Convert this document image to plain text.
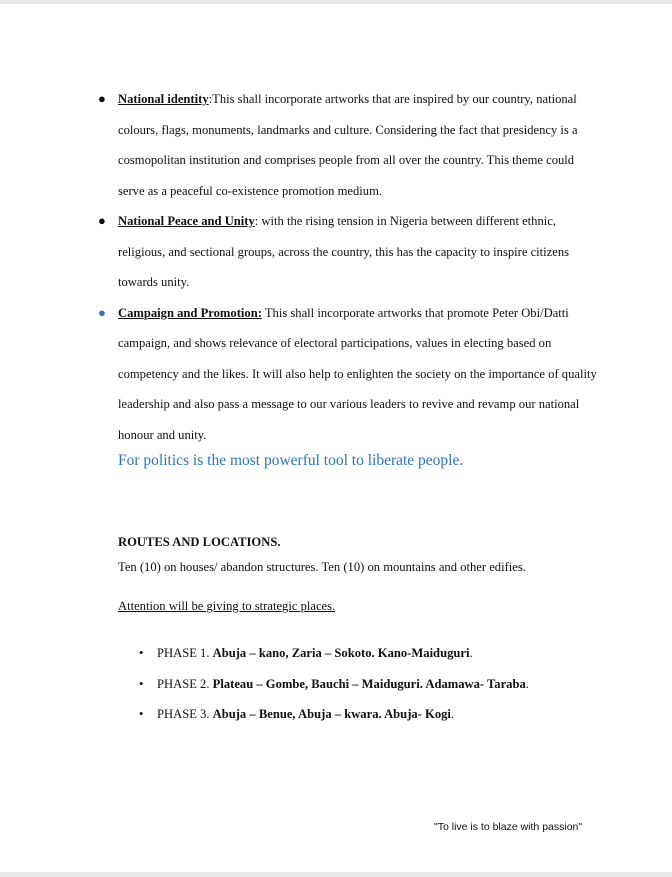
● National identity:This shall incorporate artworks that are inspired by our country, national colours, flags, monuments, landmarks and culture. Considering the fact that presidency is a cosmopolitan institution and comprises people from all over the country. This theme could serve as a peaceful co-existence promotion medium.
● National Peace and Unity: with the rising tension in Nigeria between different ethnic, religious, and sectional groups, across the country, this has the capacity to inspire citizens towards unity.
● Campaign and Promotion: This shall incorporate artworks that promote Peter Obi/Datti campaign, and shows relevance of electoral participations, values in electing based on competency and the likes. It will also help to enlighten the society on the importance of quality leadership and also pass a message to our various leaders to revive and revamp our national honour and unity.
For politics is the most powerful tool to liberate people.
ROUTES AND LOCATIONS.
Ten (10) on houses/ abandon structures. Ten (10) on mountains and other edifies.
Attention will be giving to strategic places.
• PHASE 1. Abuja – kano, Zaria – Sokoto. Kano-Maiduguri.
• PHASE 2. Plateau – Gombe, Bauchi – Maiduguri. Adamawa- Taraba.
• PHASE 3. Abuja – Benue, Abuja – kwara. Abuja- Kogi.
"To live is to blaze with passion"
